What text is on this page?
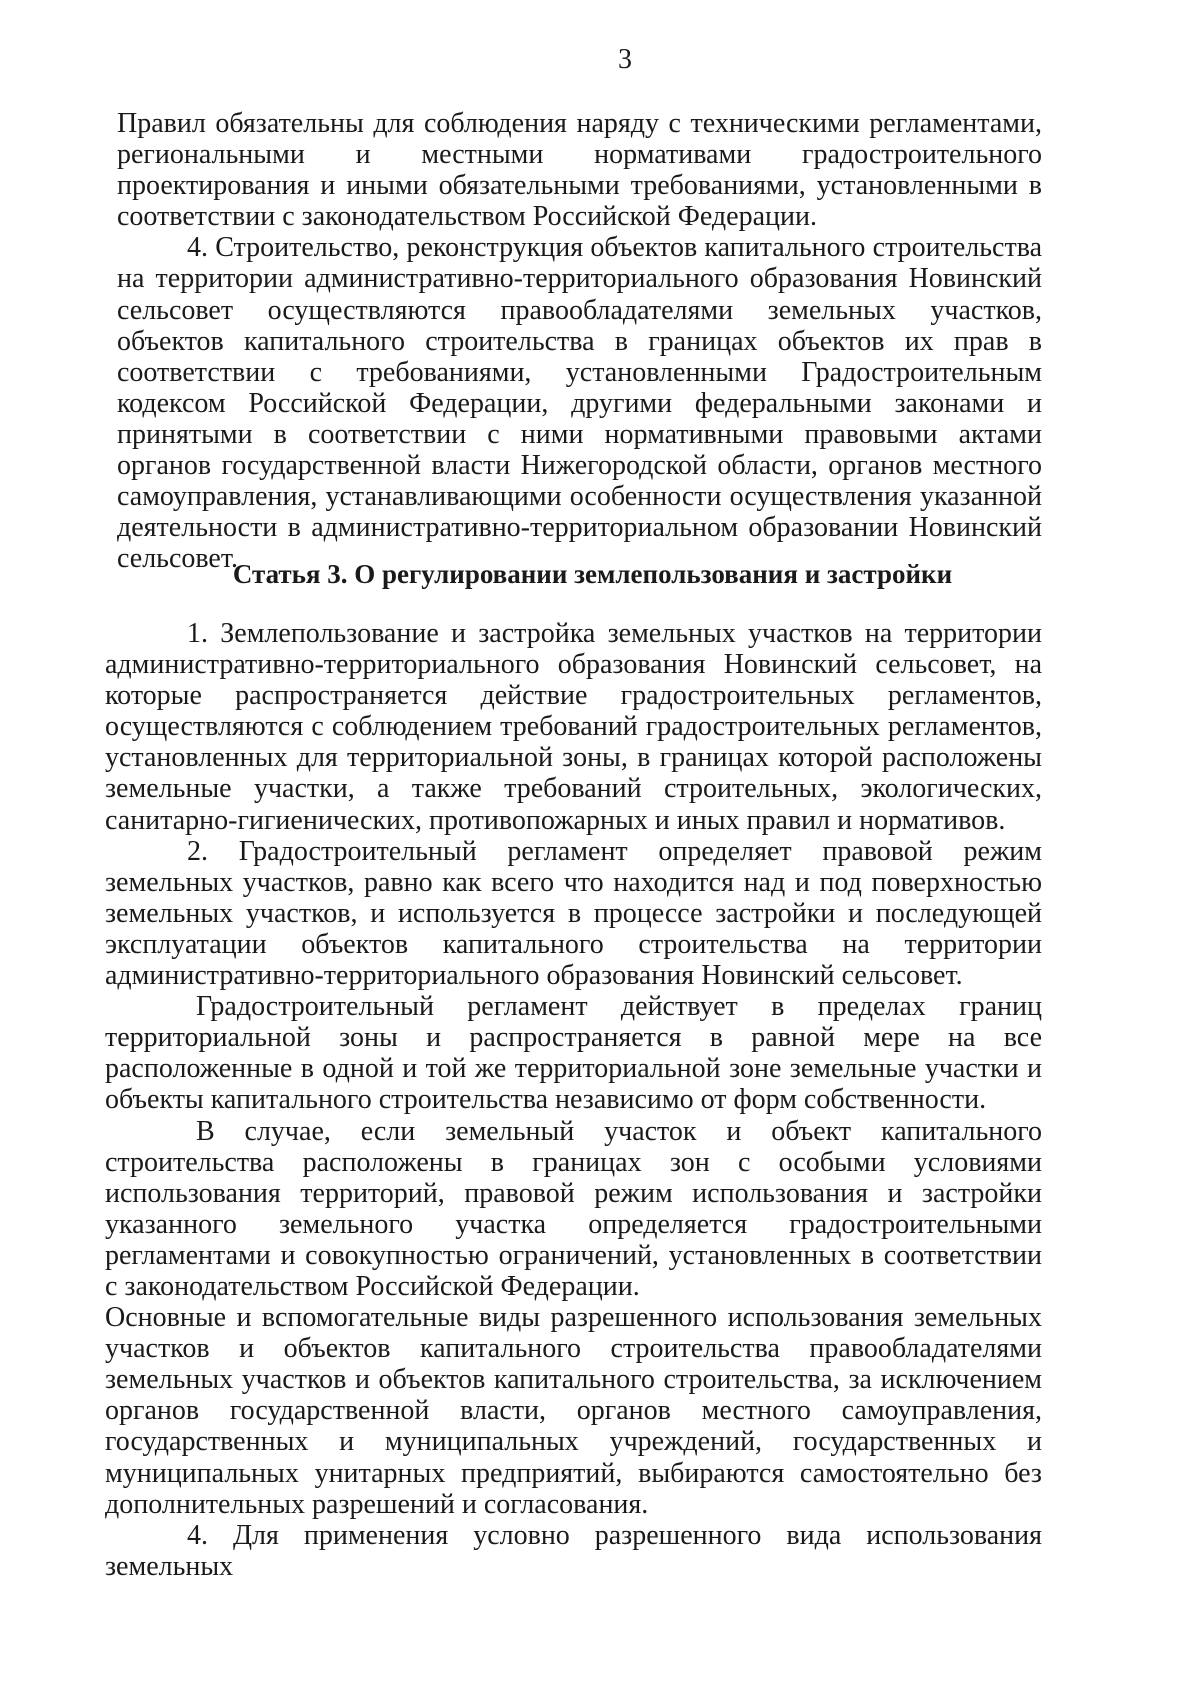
3

Правил обязательны для соблюдения наряду с техническими регламентами, региональными и местными нормативами градостроительного проектирования и иными обязательными требованиями, установленными в соответствии с законодательством Российской Федерации.

4. Строительство, реконструкция объектов капитального строительства на территории административно-территориального образования Новинский сельсовет осуществляются правообладателями земельных участков, объектов капитального строительства в границах объектов их прав в соответствии с требованиями, установленными Градостроительным кодексом Российской Федерации, другими федеральными законами и принятыми в соответствии с ними нормативными правовыми актами органов государственной власти Нижегородской области, органов местного самоуправления, устанавливающими особенности осуществления указанной деятельности в административно-территориальном образовании Новинский сельсовет.

Статья 3. О регулировании землепользования и застройки

1. Землепользование и застройка земельных участков на территории административно-территориального образования Новинский сельсовет, на которые распространяется действие градостроительных регламентов, осуществляются с соблюдением требований градостроительных регламентов, установленных для территориальной зоны, в границах которой расположены земельные участки, а также требований строительных, экологических, санитарно-гигиенических, противопожарных и иных правил и нормативов.

2. Градостроительный регламент определяет правовой режим земельных участков, равно как всего что находится над и под поверхностью земельных участков, и используется в процессе застройки и последующей эксплуатации объектов капитального строительства на территории административно-территориального образования Новинский сельсовет.

Градостроительный регламент действует в пределах границ территориальной зоны и распространяется в равной мере на все расположенные в одной и той же территориальной зоне земельные участки и объекты капитального строительства независимо от форм собственности.

В случае, если земельный участок и объект капитального строительства расположены в границах зон с особыми условиями использования территорий, правовой режим использования и застройки указанного земельного участка определяется градостроительными регламентами и совокупностью ограничений, установленных в соответствии с законодательством Российской Федерации.

Основные и вспомогательные виды разрешенного использования земельных участков и объектов капитального строительства правообладателями земельных участков и объектов капитального строительства, за исключением органов государственной власти, органов местного самоуправления, государственных и муниципальных учреждений, государственных и муниципальных унитарных предприятий, выбираются самостоятельно без дополнительных разрешений и согласования.

4. Для применения условно разрешенного вида использования земельных
